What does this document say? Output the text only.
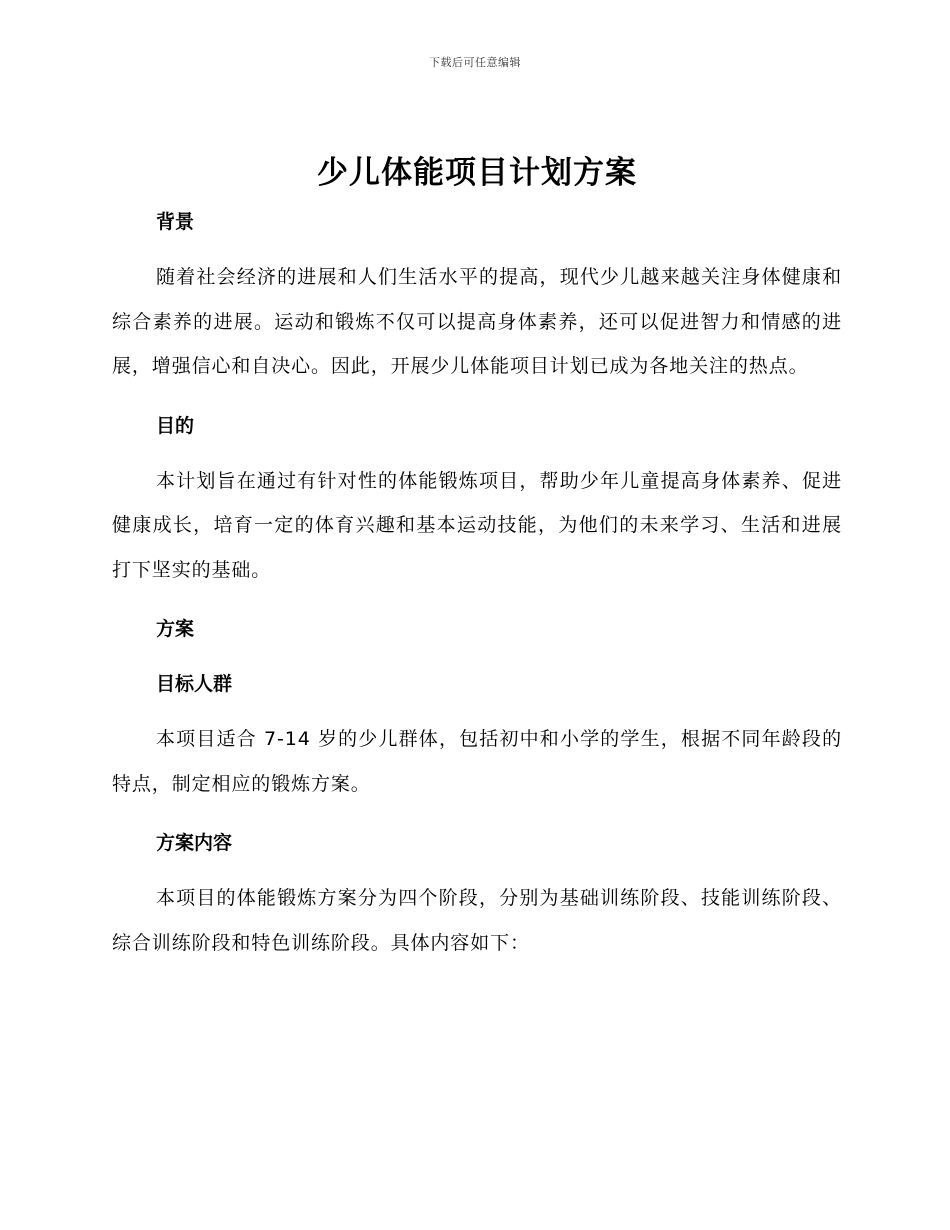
下载后可任意编辑
少儿体能项目计划方案
背景

随着社会经济的进展和人们生活水平的提高，现代少儿越来越关注身体健康和综合素养的进展。运动和锻炼不仅可以提高身体素养，还可以促进智力和情感的进展，增强信心和自决心。因此，开展少儿体能项目计划已成为各地关注的热点。

目的

本计划旨在通过有针对性的体能锻炼项目，帮助少年儿童提高身体素养、促进健康成长，培育一定的体育兴趣和基本运动技能，为他们的未来学习、生活和进展打下坚实的基础。

方案
目标人群

本项目适合 7-14 岁的少儿群体，包括初中和小学的学生，根据不同年龄段的特点，制定相应的锻炼方案。

方案内容

本项目的体能锻炼方案分为四个阶段，分别为基础训练阶段、技能训练阶段、综合训练阶段和特色训练阶段。具体内容如下：
